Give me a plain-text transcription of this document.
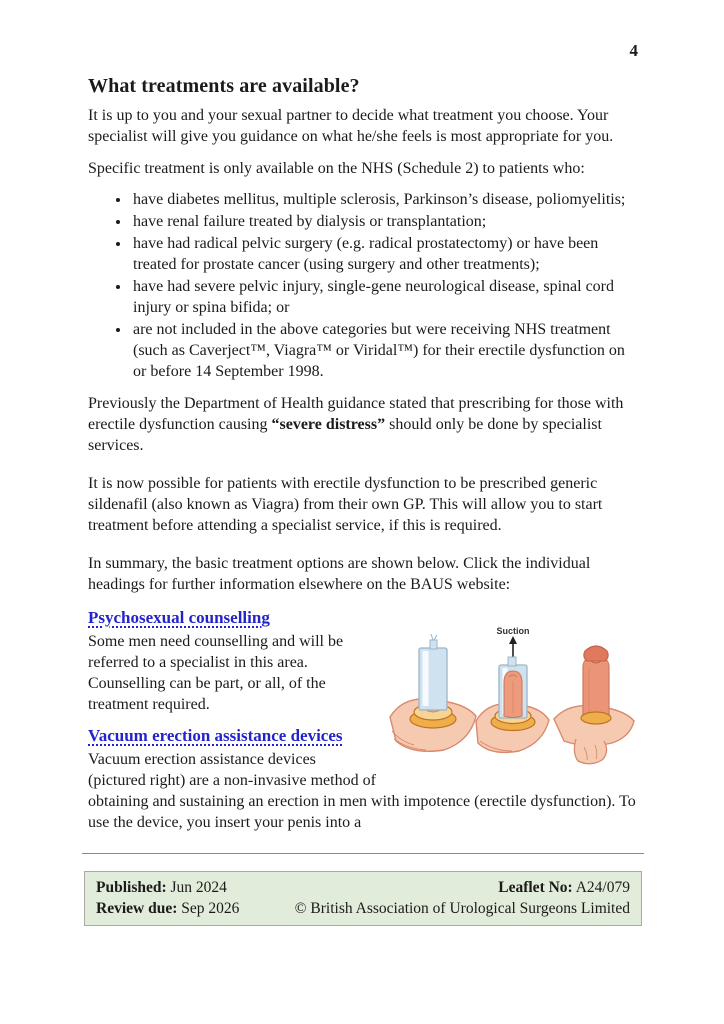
4
What treatments are available?

It is up to you and your sexual partner to decide what treatment you choose. Your specialist will give you guidance on what he/she feels is most appropriate for you.

Specific treatment is only available on the NHS (Schedule 2) to patients who:

• have diabetes mellitus, multiple sclerosis, Parkinson’s disease, poliomyelitis;
• have renal failure treated by dialysis or transplantation;
• have had radical pelvic surgery (e.g. radical prostatectomy) or have been treated for prostate cancer (using surgery and other treatments);
• have had severe pelvic injury, single-gene neurological disease, spinal cord injury or spina bifida; or
• are not included in the above categories but were receiving NHS treatment (such as Caverject™, Viagra™ or Viridal™) for their erectile dysfunction on or before 14 September 1998.

Previously the Department of Health guidance stated that prescribing for those with erectile dysfunction causing “severe distress” should only be done by specialist services.

It is now possible for patients with erectile dysfunction to be prescribed generic sildenafil (also known as Viagra) from their own GP. This will allow you to start treatment before attending a specialist service, if this is required.

In summary, the basic treatment options are shown below. Click the individual headings for further information elsewhere on the BAUS website:

Suction
Psychosexual counselling
Some men need counselling and will be referred to a specialist in this area. Counselling can be part, or all, of the treatment required.
Vacuum erection assistance devices
Vacuum erection assistance devices (pictured right) are a non-invasive method of obtaining and sustaining an erection in men with impotence (erectile dysfunction). To use the device, you insert your penis into a
Published: Jun 2024
Review due: Sep 2026
Leaflet No: A24/079
© British Association of Urological Surgeons Limited
